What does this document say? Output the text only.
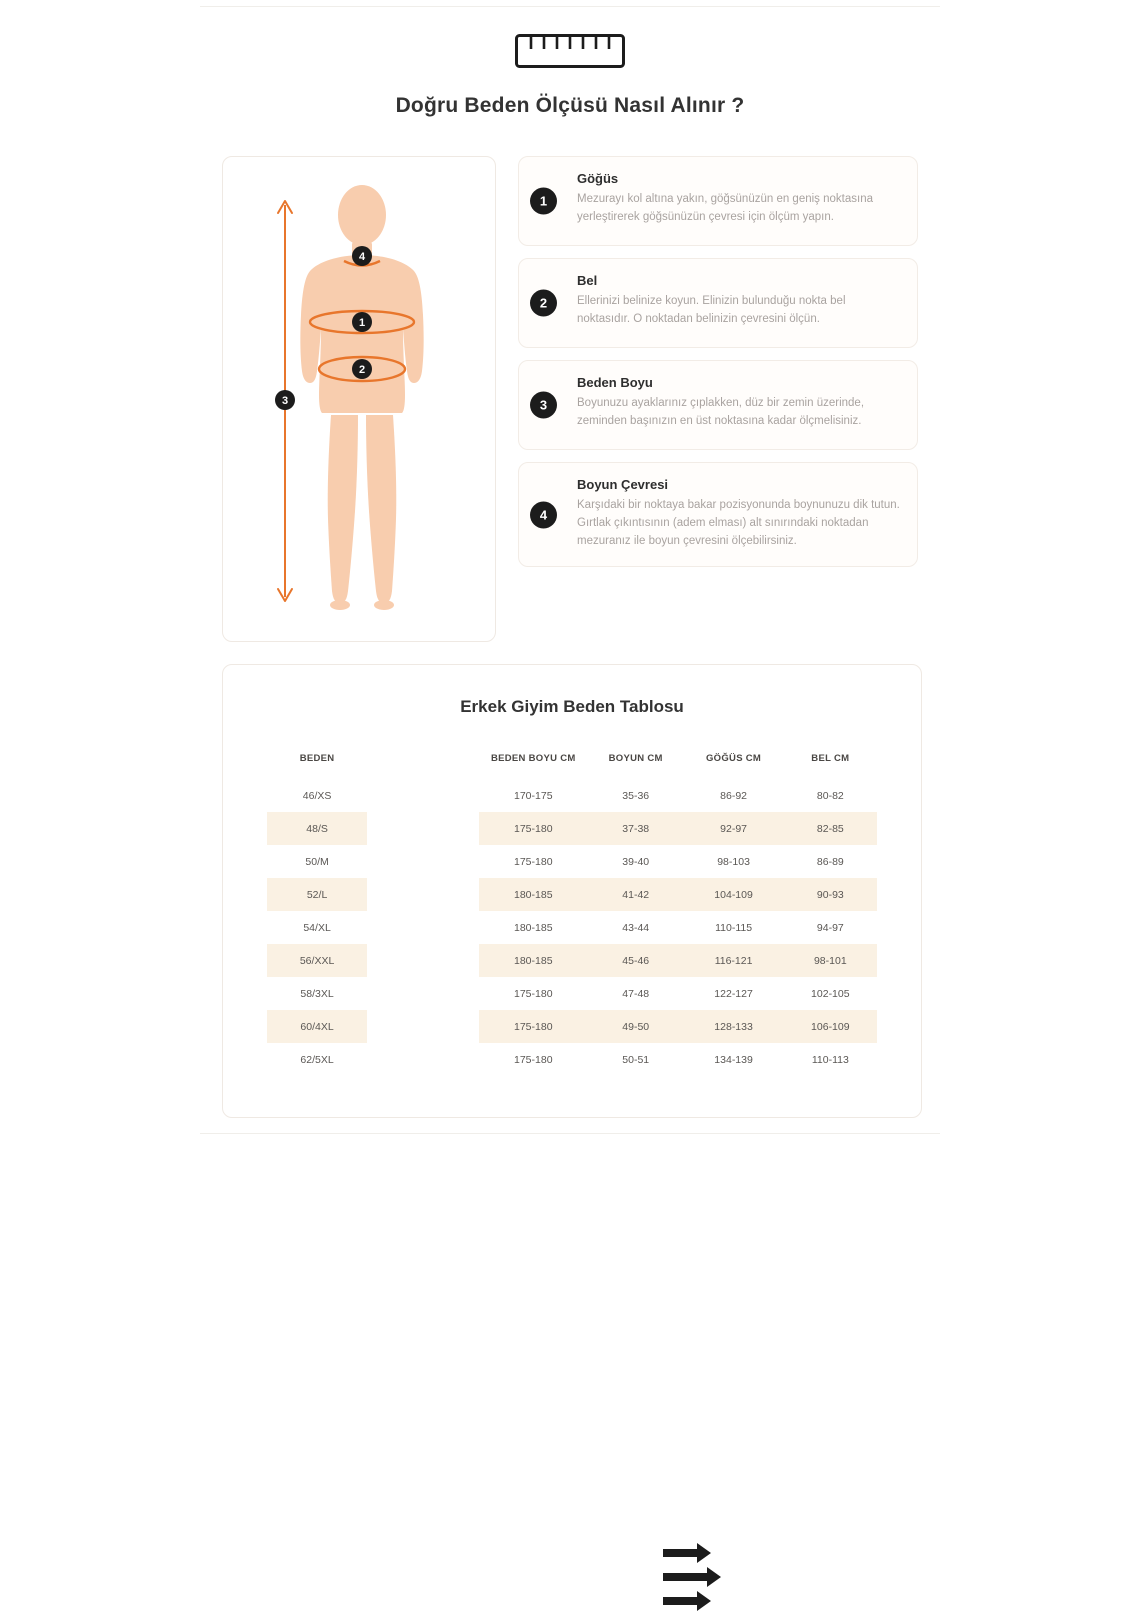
Doğru Beden Ölçüsü Nasıl Alınır ?
1
2
3
4
1
Göğüs
Mezurayı kol altına yakın, göğsünüzün en geniş noktasına yerleştirerek göğsünüzün çevresi için ölçüm yapın.
2
Bel
Ellerinizi belinize koyun. Elinizin bulunduğu nokta bel noktasıdır. O noktadan belinizin çevresini ölçün.
3
Beden Boyu
Boyunuzu ayaklarınız çıplakken, düz bir zemin üzerinde, zeminden başınızın en üst noktasına kadar ölçmelisiniz.
4
Boyun Çevresi
Karşıdaki bir noktaya bakar pozisyonunda boynunuzu dik tutun. Gırtlak çıkıntısının (adem elması) alt sınırındaki noktadan mezuranız ile boyun çevresini ölçebilirsiniz.
Erkek Giyim Beden Tablosu
BEDEN		BEDEN BOYU CM	BOYUN CM	GÖĞÜS CM	BEL CM
46/XS		170-175	35-36	86-92	80-82
48/S		175-180	37-38	92-97	82-85
50/M		175-180	39-40	98-103	86-89
52/L		180-185	41-42	104-109	90-93
54/XL		180-185	43-44	110-115	94-97
56/XXL		180-185	45-46	116-121	98-101
58/3XL		175-180	47-48	122-127	102-105
60/4XL		175-180	49-50	128-133	106-109
62/5XL		175-180	50-51	134-139	110-113
